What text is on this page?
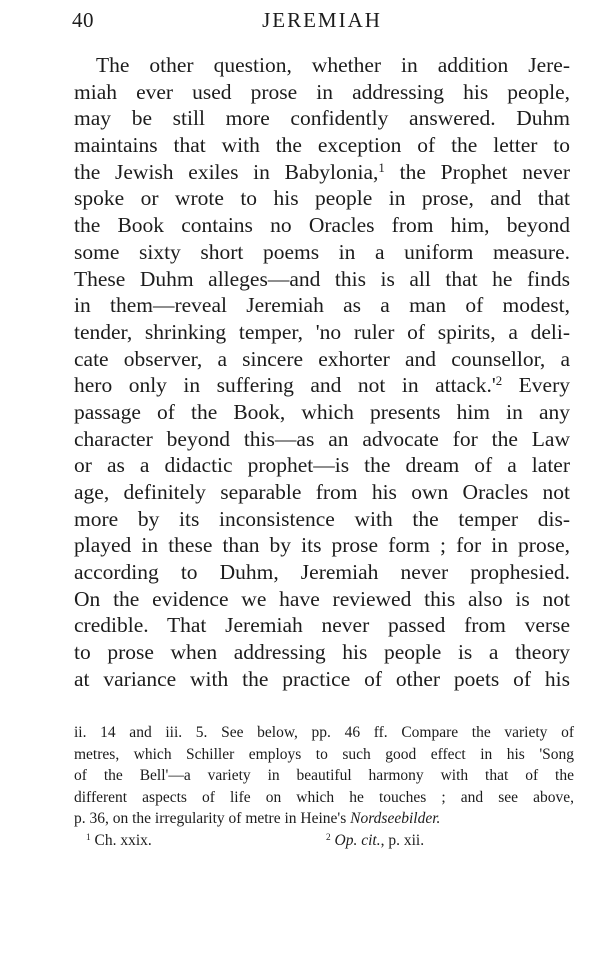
40	JEREMIAH
The other question, whether in addition Jere-
miah ever used prose in addressing his people,
may be still more confidently answered. Duhm
maintains that with the exception of the letter to
the Jewish exiles in Babylonia,$^1$ the Prophet never
spoke or wrote to his people in prose, and that
the Book contains no Oracles from him, beyond
some sixty short poems in a uniform measure.
These Duhm alleges—and this is all that he finds
in them—reveal Jeremiah as a man of modest,
tender, shrinking temper, 'no ruler of spirits, a deli-
cate observer, a sincere exhorter and counsellor, a
hero only in suffering and not in $attack.'^2$ Every
passage of the Book, which presents him in any
character beyond this—as an advocate for the Law
or as a didactic prophet—is the dream of a later
age, definitely separable from his own Oracles not
more by its inconsistence with the temper dis-
played in these than by its prose form ; for in prose,
according to Duhm, Jeremiah never prophesied.
On the evidence we have reviewed this also is not
credible. That Jeremiah never passed from verse
to prose when addressing his people is a theory
at variance with the practice of other poets of his
ii. 14 and iii. 5. See below, pp. 46 ff. Compare the variety of
metres, which Schiller employs to such good effect in his 'Song
of the Bell'—a variety in beautiful harmony with that of the
different aspects of life on which he touches ; and see above,
p. 36, on the irregularity of metre in Heine's Nordseebilder.
$^1$ Ch. xxix.	$^2$ Op. cit., p. xii.
